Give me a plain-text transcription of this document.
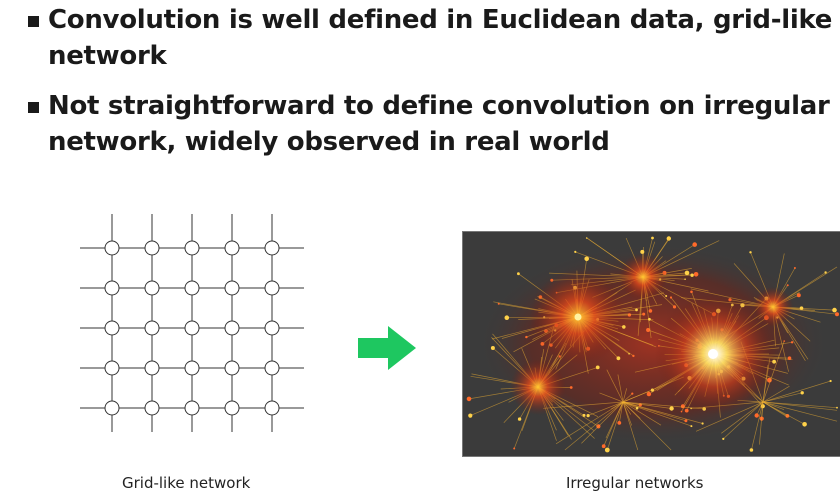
Convolution is well defined in Euclidean data, grid-like
network
Not straightforward to define convolution on irregular
network, widely observed in real world
Grid-like network	Irregular networks
